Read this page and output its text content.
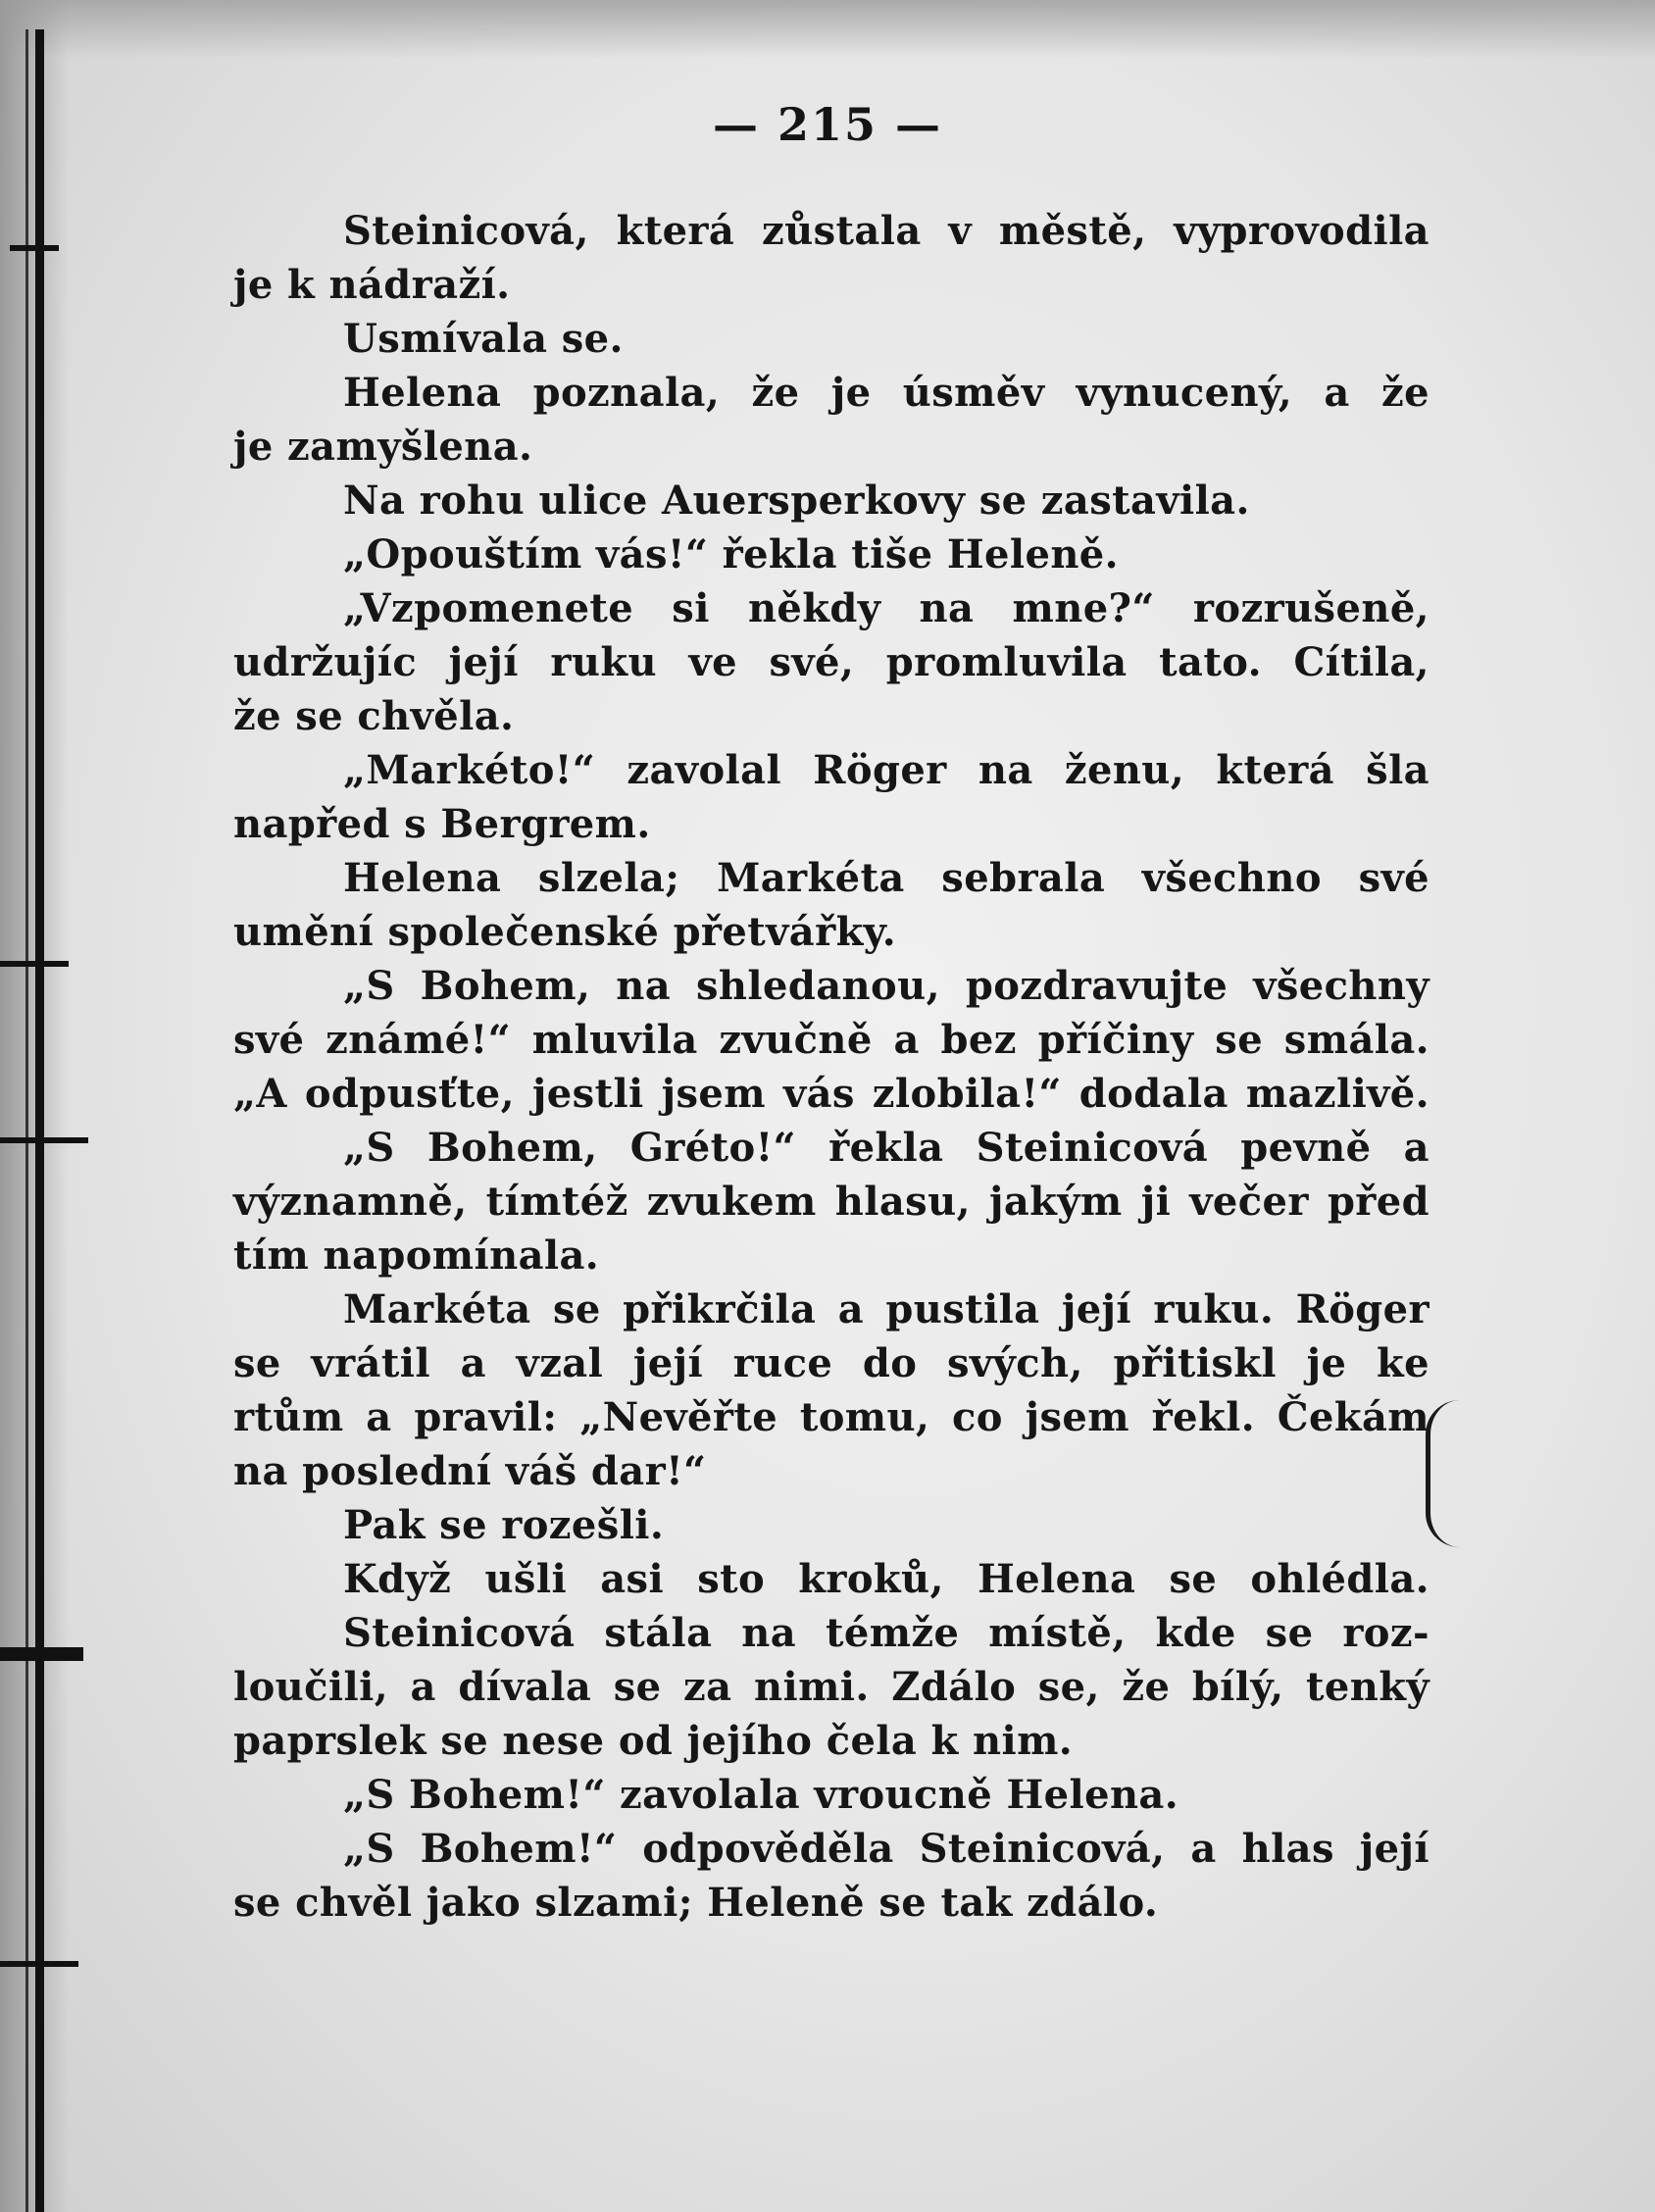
— 215 —
Steinicová, která zůstala v městě, vyprovodila
je k nádraží.
Usmívala se.
Helena poznala, že je úsměv vynucený, a že
je zamyšlena.
Na rohu ulice Auersperkovy se zastavila.
„Opouštím vás!“ řekla tiše Heleně.
„Vzpomenete si někdy na mne?“ rozrušeně,
udržujíc její ruku ve své, promluvila tato. Cítila,
že se chvěla.
„Markéto!“ zavolal Röger na ženu, která šla
napřed s Bergrem.
Helena slzela; Markéta sebrala všechno své
umění společenské přetvářky.
„S Bohem, na shledanou, pozdravujte všechny
své známé!“ mluvila zvučně a bez příčiny se smála.
„A odpusťte, jestli jsem vás zlobila!“ dodala mazlivě.
„S Bohem, Gréto!“ řekla Steinicová pevně a
významně, tímtéž zvukem hlasu, jakým ji večer před
tím napomínala.
Markéta se přikrčila a pustila její ruku. Röger
se vrátil a vzal její ruce do svých, přitiskl je ke
rtům a pravil: „Nevěřte tomu, co jsem řekl. Čekám
na poslední váš dar!“
Pak se rozešli.
Když ušli asi sto kroků, Helena se ohlédla.
Steinicová stála na témže místě, kde se roz-
loučili, a dívala se za nimi. Zdálo se, že bílý, tenký
paprslek se nese od jejího čela k nim.
„S Bohem!“ zavolala vroucně Helena.
„S Bohem!“ odpověděla Steinicová, a hlas její
se chvěl jako slzami; Heleně se tak zdálo.
